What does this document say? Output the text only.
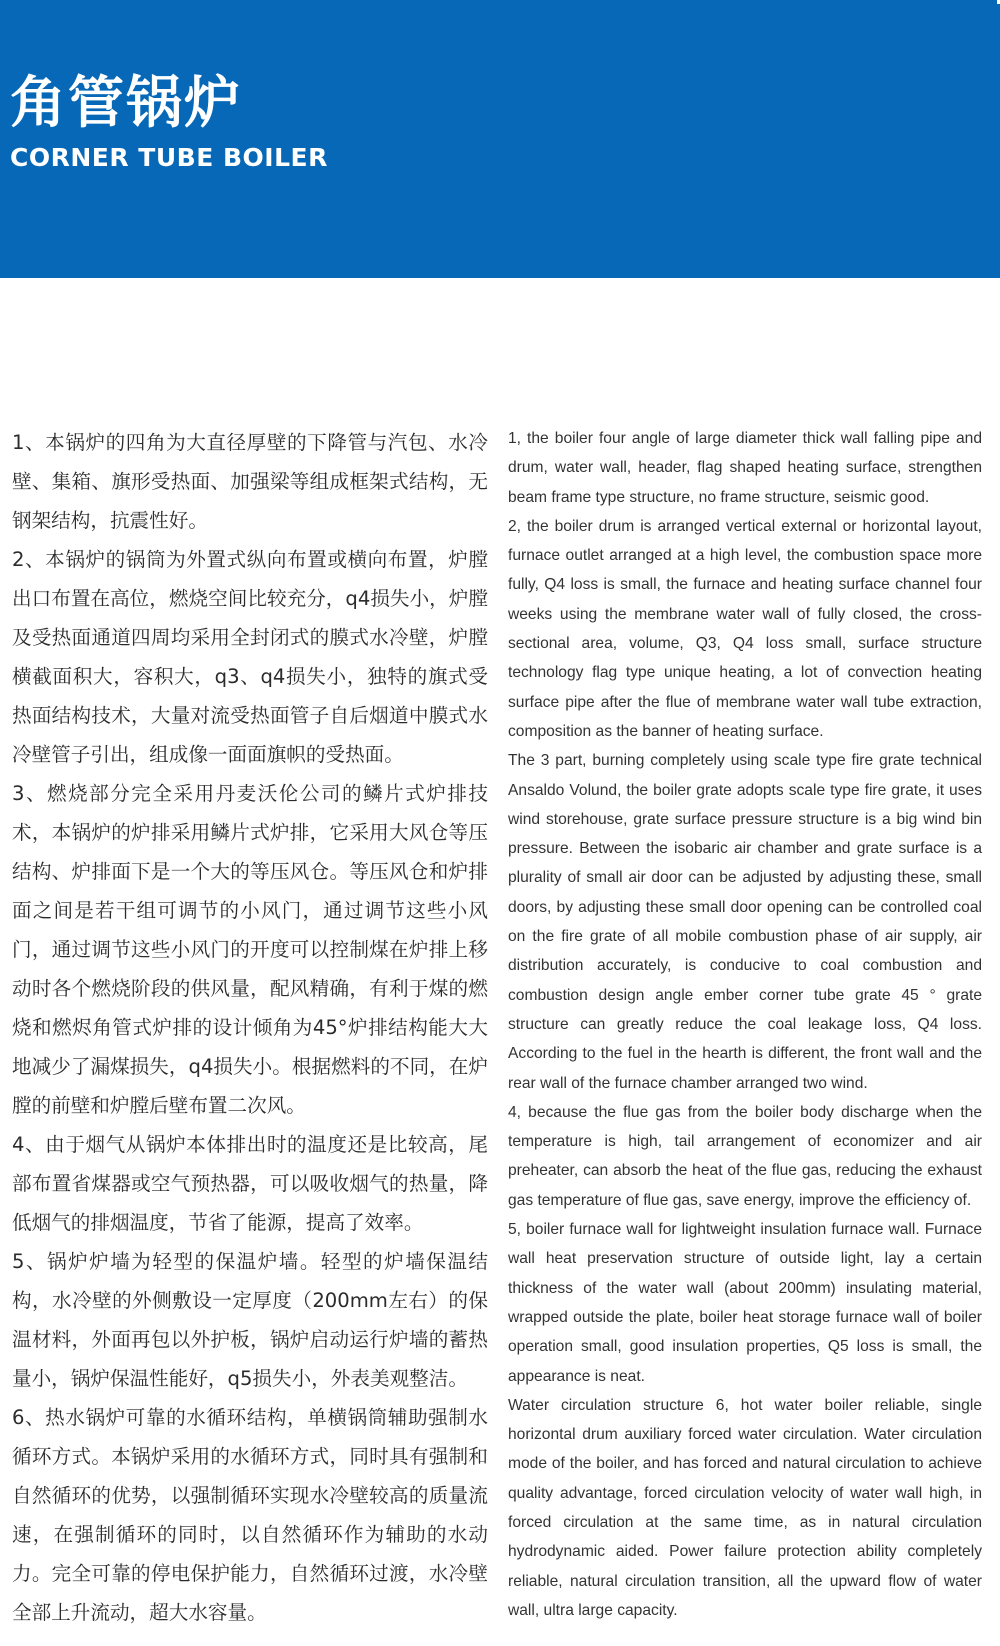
角管锅炉
CORNER TUBE BOILER

1、本锅炉的四角为大直径厚壁的下降管与汽包、水冷壁、集箱、旗形受热面、加强梁等组成框架式结构，无钢架结构，抗震性好。

2、本锅炉的锅筒为外置式纵向布置或横向布置，炉膛出口布置在高位，燃烧空间比较充分，q4损失小，炉膛及受热面通道四周均采用全封闭式的膜式水冷壁，炉膛横截面积大，容积大，q3、q4损失小，独特的旗式受热面结构技术，大量对流受热面管子自后烟道中膜式水冷壁管子引出，组成像一面面旗帜的受热面。

3、燃烧部分完全采用丹麦沃伦公司的鳞片式炉排技术，本锅炉的炉排采用鳞片式炉排，它采用大风仓等压结构、炉排面下是一个大的等压风仓。等压风仓和炉排面之间是若干组可调节的小风门，通过调节这些小风门，通过调节这些小风门的开度可以控制煤在炉排上移动时各个燃烧阶段的供风量，配风精确，有利于煤的燃烧和燃烬角管式炉排的设计倾角为45°炉排结构能大大地减少了漏煤损失，q4损失小。根据燃料的不同，在炉膛的前壁和炉膛后壁布置二次风。

4、由于烟气从锅炉本体排出时的温度还是比较高，尾部布置省煤器或空气预热器，可以吸收烟气的热量，降低烟气的排烟温度，节省了能源，提高了效率。

5、锅炉炉墙为轻型的保温炉墙。轻型的炉墙保温结构，水冷壁的外侧敷设一定厚度（200mm左右）的保温材料，外面再包以外护板，锅炉启动运行炉墙的蓄热量小，锅炉保温性能好，q5损失小，外表美观整洁。

6、热水锅炉可靠的水循环结构，单横锅筒辅助强制水循环方式。本锅炉采用的水循环方式，同时具有强制和自然循环的优势，以强制循环实现水冷壁较高的质量流速，在强制循环的同时，以自然循环作为辅助的水动力。完全可靠的停电保护能力，自然循环过渡，水冷壁全部上升流动，超大水容量。

1, the boiler four angle of large diameter thick wall falling pipe and drum, water wall, header, flag shaped heating surface, strengthen beam frame type structure, no frame structure, seismic good.

2, the boiler drum is arranged vertical external or horizontal layout, furnace outlet arranged at a high level, the combustion space more fully, Q4 loss is small, the furnace and heating surface channel four weeks using the membrane water wall of fully closed, the cross-sectional area, volume, Q3, Q4 loss small, surface structure technology flag type unique heating, a lot of convection heating surface pipe after the flue of membrane water wall tube extraction, composition as the banner of heating surface.

The 3 part, burning completely using scale type fire grate technical Ansaldo Volund, the boiler grate adopts scale type fire grate, it uses wind storehouse, grate surface pressure structure is a big wind bin pressure. Between the isobaric air chamber and grate surface is a plurality of small air door can be adjusted by adjusting these, small doors, by adjusting these small door opening can be controlled coal on the fire grate of all mobile combustion phase of air supply, air distribution accurately, is conducive to coal combustion and combustion design angle ember corner tube grate 45 ° grate structure can greatly reduce the coal leakage loss, Q4 loss. According to the fuel in the hearth is different, the front wall and the rear wall of the furnace chamber arranged two wind.

4, because the flue gas from the boiler body discharge when the temperature is high, tail arrangement of economizer and air preheater, can absorb the heat of the flue gas, reducing the exhaust gas temperature of flue gas, save energy, improve the efficiency of.

5, boiler furnace wall for lightweight insulation furnace wall. Furnace wall heat preservation structure of outside light, lay a certain thickness of the water wall (about 200mm) insulating material, wrapped outside the plate, boiler heat storage furnace wall of boiler operation small, good insulation properties, Q5 loss is small, the appearance is neat.

Water circulation structure 6, hot water boiler reliable, single horizontal drum auxiliary forced water circulation. Water circulation mode of the boiler, and has forced and natural circulation to achieve quality advantage, forced circulation velocity of water wall high, in forced circulation at the same time, as in natural circulation hydrodynamic aided. Power failure protection ability completely reliable, natural circulation transition, all the upward flow of water wall, ultra large capacity.
